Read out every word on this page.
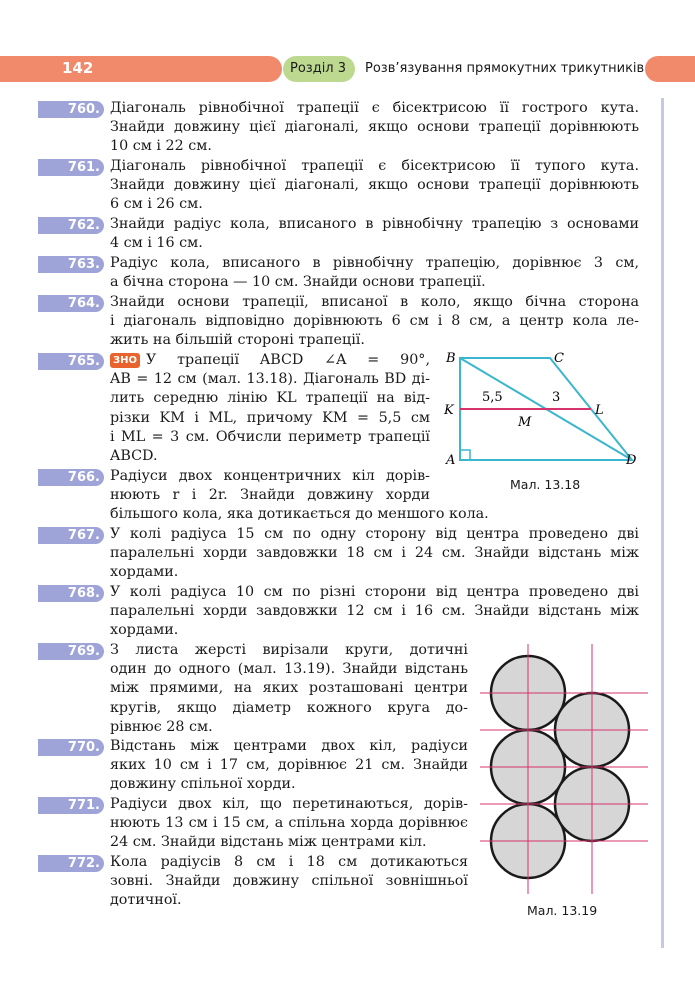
142	Розділ 3 Розв’язування прямокутних трикутників
760. Діагональ рівнобічної трапеції є бісектрисою її гострого кута.
Знайди довжину цієї діагоналі, якщо основи трапеції дорівнюють
10 см і 22 см.
761. Діагональ рівнобічної трапеції є бісектрисою її тупого кута.
Знайди довжину цієї діагоналі, якщо основи трапеції дорівнюють
6 см і 26 см.
762. Знайди радіус кола, вписаного в рівнобічну трапецію з основами
4 см і 16 см.
763. Радіус кола, вписаного в рівнобічну трапецію, дорівнює 3 см,
а бічна сторона — 10 см. Знайди основи трапеції.
764. Знайди основи трапеції, вписаної в коло, якщо бічна сторона
і діагональ відповідно дорівнюють 6 см і 8 см, а центр кола ле-
жить на більшій стороні трапеції.
765.	ЗНО У трапеції ABCD ∠A = 90°,
AB = 12 см (мал. 13.18). Діагональ BD ді-
лить середню лінію KL трапеції на від-
різки KM і ML, причому KM = 5,5 см
і ML = 3 см. Обчисли периметр трапеції
ABCD.
B	C
K	L
M
A	D
5,5	3
Мал. 13.18
766. Радіуси двох концентричних кіл дорів-
нюють r і 2r. Знайди довжину хорди
більшого кола, яка дотикається до меншого кола.
767. У колі радіуса 15 см по одну сторону від центра проведено дві
паралельні хорди завдовжки 18 см і 24 см. Знайди відстань між
хордами.
768. У колі радіуса 10 см по різні сторони від центра проведено дві
паралельні хорди завдовжки 12 см і 16 см. Знайди відстань між
хордами.
769. З листа жерсті вирізали круги, дотичні
один до одного (мал. 13.19). Знайди відстань
між прямими, на яких розташовані центри
кругів, якщо діаметр кожного круга до-
рівнює 28 см.
770. Відстань між центрами двох кіл, радіуси
яких 10 см і 17 см, дорівнює 21 см. Знайди
довжину спільної хорди.
771. Радіуси двох кіл, що перетинаються, дорів-
нюють 13 см і 15 см, а спільна хорда дорівнює
24 см. Знайди відстань між центрами кіл.
772. Кола радіусів 8 см і 18 см дотикаються
зовні. Знайди довжину спільної зовнішньої
дотичної.
Мал. 13.19
